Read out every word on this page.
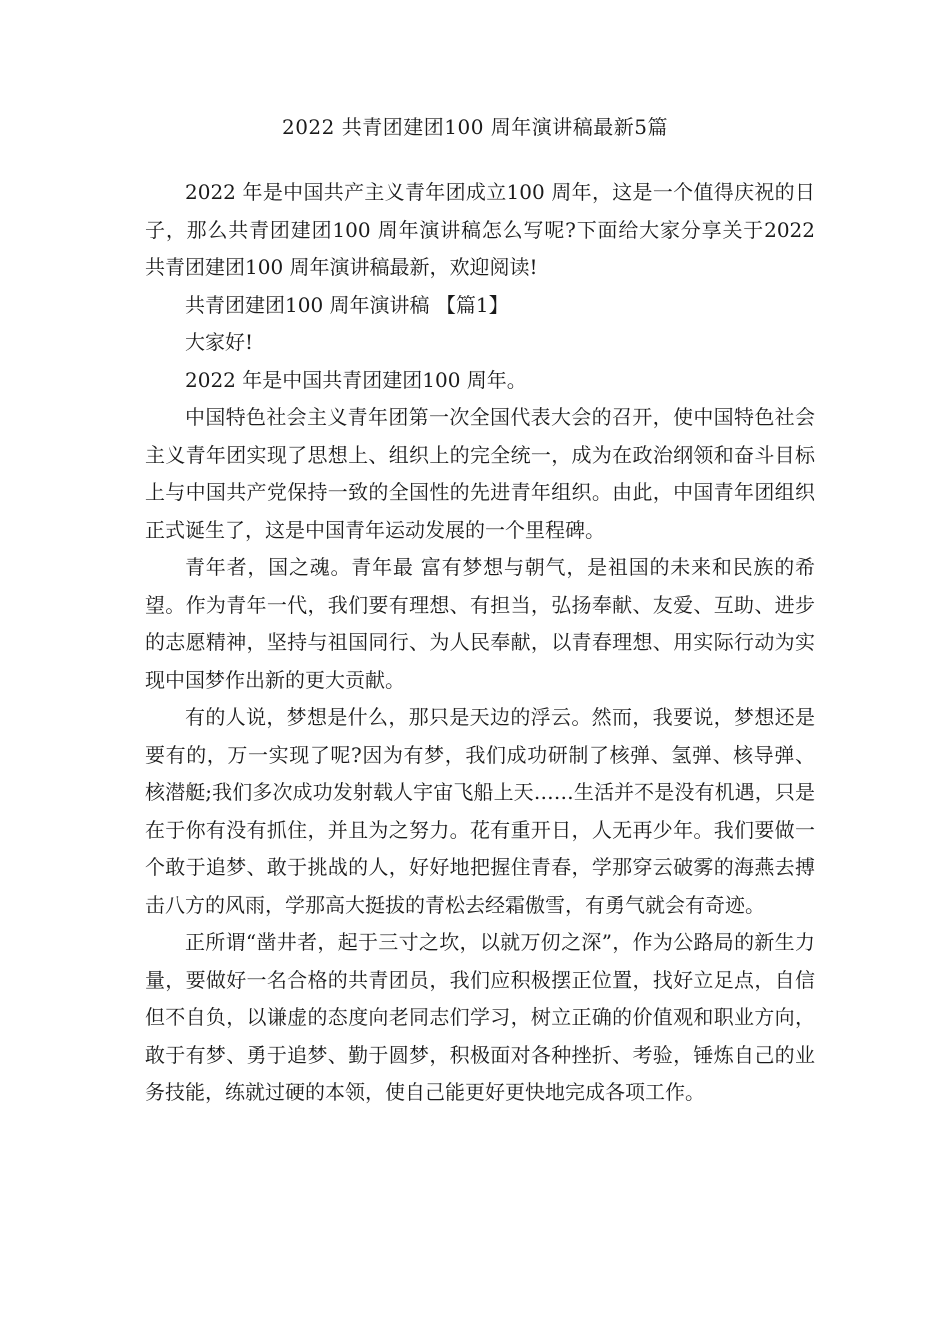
2022 共青团建团100 周年演讲稿最新5篇

2022 年是中国共产主义青年团成立100 周年，这是一个值得庆祝的日子，那么共青团建团100 周年演讲稿怎么写呢?下面给大家分享关于2022 共青团建团100 周年演讲稿最新，欢迎阅读!

共青团建团100 周年演讲稿 【篇1】

大家好!

2022 年是中国共青团建团100 周年。

中国特色社会主义青年团第一次全国代表大会的召开，使中国特色社会主义青年团实现了思想上、组织上的完全统一，成为在政治纲领和奋斗目标上与中国共产党保持一致的全国性的先进青年组织。由此，中国青年团组织正式诞生了，这是中国青年运动发展的一个里程碑。

青年者，国之魂。青年最 富有梦想与朝气，是祖国的未来和民族的希望。作为青年一代，我们要有理想、有担当，弘扬奉献、友爱、互助、进步的志愿精神，坚持与祖国同行、为人民奉献，以青春理想、用实际行动为实现中国梦作出新的更大贡献。

有的人说，梦想是什么，那只是天边的浮云。然而，我要说，梦想还是要有的，万一实现了呢?因为有梦，我们成功研制了核弹、氢弹、核导弹、核潜艇;我们多次成功发射载人宇宙飞船上天……生活并不是没有机遇，只是在于你有没有抓住，并且为之努力。花有重开日，人无再少年。我们要做一个敢于追梦、敢于挑战的人，好好地把握住青春，学那穿云破雾的海燕去搏击八方的风雨，学那高大挺拔的青松去经霜傲雪，有勇气就会有奇迹。

正所谓“凿井者，起于三寸之坎，以就万仞之深”，作为公路局的新生力量，要做好一名合格的共青团员，我们应积极摆正位置，找好立足点，自信但不自负，以谦虚的态度向老同志们学习，树立正确的价值观和职业方向，敢于有梦、勇于追梦、勤于圆梦，积极面对各种挫折、考验，锤炼自己的业务技能，练就过硬的本领，使自己能更好更快地完成各项工作。
